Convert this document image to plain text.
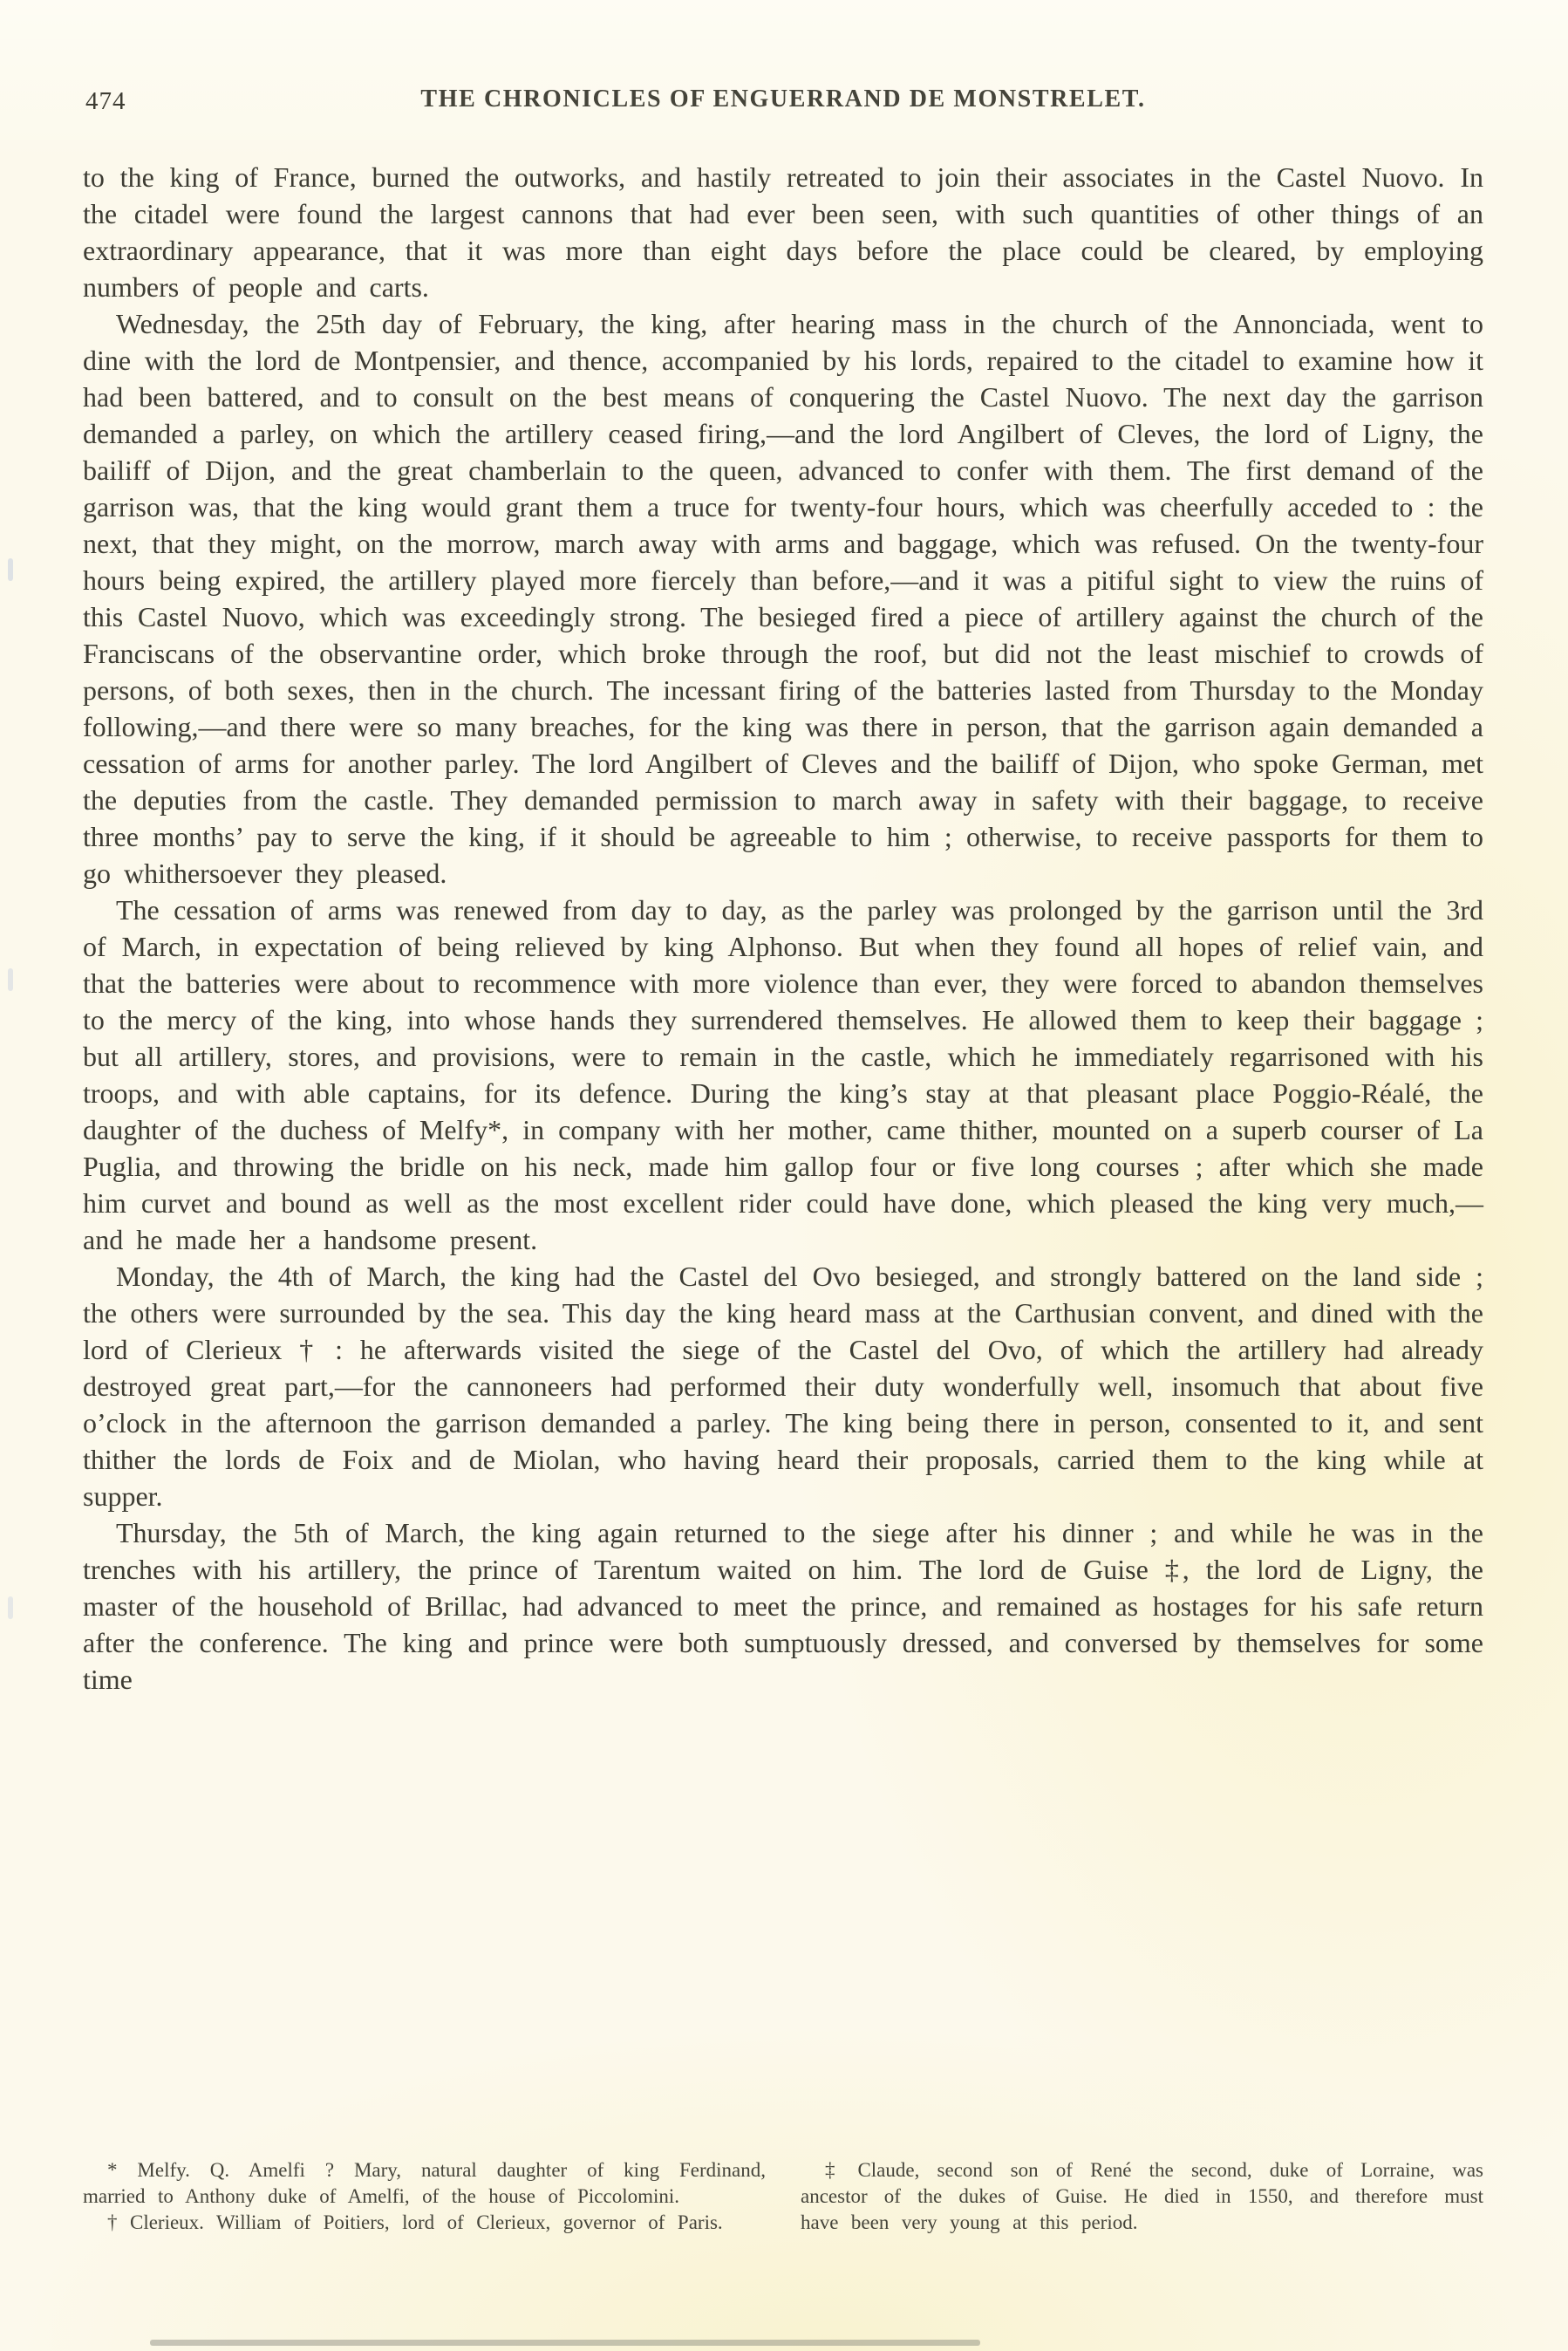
474	THE CHRONICLES OF ENGUERRAND DE MONSTRELET.

to the king of France, burned the outworks, and hastily retreated to join their associates in the Castel Nuovo. In the citadel were found the largest cannons that had ever been seen, with such quantities of other things of an extraordinary appearance, that it was more than eight days before the place could be cleared, by employing numbers of people and carts.

Wednesday, the 25th day of February, the king, after hearing mass in the church of the Annonciada, went to dine with the lord de Montpensier, and thence, accompanied by his lords, repaired to the citadel to examine how it had been battered, and to consult on the best means of conquering the Castel Nuovo. The next day the garrison demanded a parley, on which the artillery ceased firing,—and the lord Angilbert of Cleves, the lord of Ligny, the bailiff of Dijon, and the great chamberlain to the queen, advanced to confer with them. The first demand of the garrison was, that the king would grant them a truce for twenty-four hours, which was cheerfully acceded to : the next, that they might, on the morrow, march away with arms and baggage, which was refused. On the twenty-four hours being expired, the artillery played more fiercely than before,—and it was a pitiful sight to view the ruins of this Castel Nuovo, which was exceedingly strong. The besieged fired a piece of artillery against the church of the Franciscans of the observantine order, which broke through the roof, but did not the least mischief to crowds of persons, of both sexes, then in the church. The incessant firing of the batteries lasted from Thursday to the Monday following,—and there were so many breaches, for the king was there in person, that the garrison again demanded a cessation of arms for another parley. The lord Angilbert of Cleves and the bailiff of Dijon, who spoke German, met the deputies from the castle. They demanded permission to march away in safety with their baggage, to receive three months’ pay to serve the king, if it should be agreeable to him ; otherwise, to receive passports for them to go whithersoever they pleased.

The cessation of arms was renewed from day to day, as the parley was prolonged by the garrison until the 3rd of March, in expectation of being relieved by king Alphonso. But when they found all hopes of relief vain, and that the batteries were about to recommence with more violence than ever, they were forced to abandon themselves to the mercy of the king, into whose hands they surrendered themselves. He allowed them to keep their baggage ; but all artillery, stores, and provisions, were to remain in the castle, which he immediately regarrisoned with his troops, and with able captains, for its defence. During the king’s stay at that pleasant place Poggio-Réalé, the daughter of the duchess of Melfy*, in company with her mother, came thither, mounted on a superb courser of La Puglia, and throwing the bridle on his neck, made him gallop four or five long courses ; after which she made him curvet and bound as well as the most excellent rider could have done, which pleased the king very much,—and he made her a handsome present.

Monday, the 4th of March, the king had the Castel del Ovo besieged, and strongly battered on the land side ; the others were surrounded by the sea. This day the king heard mass at the Carthusian convent, and dined with the lord of Clerieux † : he afterwards visited the siege of the Castel del Ovo, of which the artillery had already destroyed great part,—for the cannoneers had performed their duty wonderfully well, insomuch that about five o’clock in the afternoon the garrison demanded a parley. The king being there in person, consented to it, and sent thither the lords de Foix and de Miolan, who having heard their proposals, carried them to the king while at supper.

Thursday, the 5th of March, the king again returned to the siege after his dinner ; and while he was in the trenches with his artillery, the prince of Tarentum waited on him. The lord de Guise ‡, the lord de Ligny, the master of the household of Brillac, had advanced to meet the prince, and remained as hostages for his safe return after the conference. The king and prince were both sumptuously dressed, and conversed by themselves for some time

* Melfy. Q. Amelfi ? Mary, natural daughter of king Ferdinand, married to Anthony duke of Amelfi, of the house of Piccolomini.

† Clerieux. William of Poitiers, lord of Clerieux, governor of Paris.

‡ Claude, second son of René the second, duke of Lorraine, was ancestor of the dukes of Guise. He died in 1550, and therefore must have been very young at this period.
